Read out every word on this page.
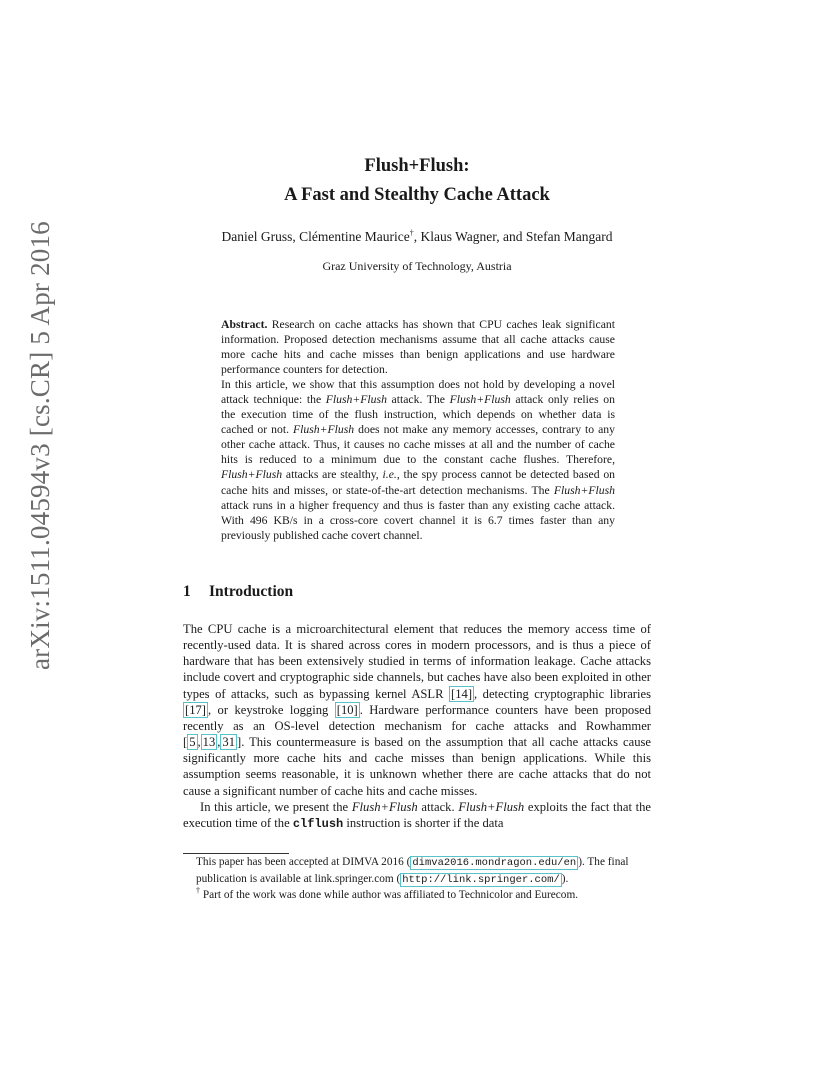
arXiv:1511.04594v3 [cs.CR] 5 Apr 2016
Flush+Flush:
A Fast and Stealthy Cache Attack
Daniel Gruss, Clémentine Maurice†, Klaus Wagner, and Stefan Mangard
Graz University of Technology, Austria

Abstract. Research on cache attacks has shown that CPU caches leak significant information. Proposed detection mechanisms assume that all cache attacks cause more cache hits and cache misses than benign applications and use hardware performance counters for detection.

In this article, we show that this assumption does not hold by developing a novel attack technique: the Flush+Flush attack. The Flush+Flush attack only relies on the execution time of the flush instruction, which depends on whether data is cached or not. Flush+Flush does not make any memory accesses, contrary to any other cache attack. Thus, it causes no cache misses at all and the number of cache hits is reduced to a minimum due to the constant cache flushes. Therefore, Flush+Flush attacks are stealthy, i.e., the spy process cannot be detected based on cache hits and misses, or state-of-the-art detection mechanisms. The Flush+Flush attack runs in a higher frequency and thus is faster than any existing cache attack. With 496 KB/s in a cross-core covert channel it is 6.7 times faster than any previously published cache covert channel.

1 Introduction

The CPU cache is a microarchitectural element that reduces the memory access time of recently-used data. It is shared across cores in modern processors, and is thus a piece of hardware that has been extensively studied in terms of information leakage. Cache attacks include covert and cryptographic side channels, but caches have also been exploited in other types of attacks, such as bypassing kernel ASLR [14] , detecting cryptographic libraries [17] , or keystroke logging [10] . Hardware performance counters have been proposed recently as an OS-level detection mechanism for cache attacks and Rowhammer [ 5 , 13 , 31 ]. This countermeasure is based on the assumption that all cache attacks cause significantly more cache hits and cache misses than benign applications. While this assumption seems reasonable, it is unknown whether there are cache attacks that do not cause a significant number of cache hits and cache misses.

In this article, we present the Flush+Flush attack. Flush+Flush exploits the fact that the execution time of the clflush instruction is shorter if the data

This paper has been accepted at DIMVA 2016 ( dimva2016.mondragon.edu/en ). The final publication is available at link.springer.com ( http://link.springer.com/ ).

† Part of the work was done while author was affiliated to Technicolor and Eurecom.
